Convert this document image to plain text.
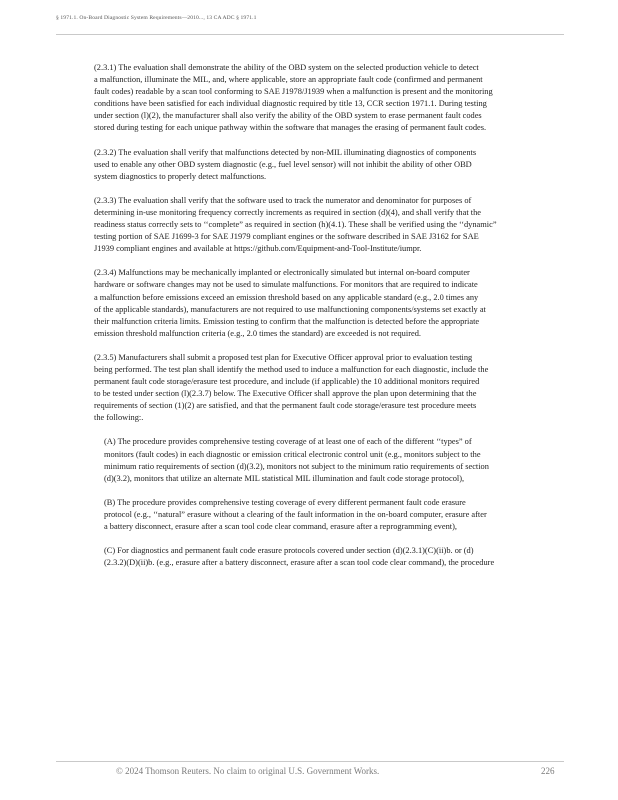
§ 1971.1. On-Board Diagnostic System Requirements—2010..., 13 CA ADC § 1971.1
(2.3.1) The evaluation shall demonstrate the ability of the OBD system on the selected production vehicle to detect
a malfunction, illuminate the MIL, and, where applicable, store an appropriate fault code (confirmed and permanent
fault codes) readable by a scan tool conforming to SAE J1978/J1939 when a malfunction is present and the monitoring
conditions have been satisfied for each individual diagnostic required by title 13, CCR section 1971.1. During testing
under section (l)(2), the manufacturer shall also verify the ability of the OBD system to erase permanent fault codes
stored during testing for each unique pathway within the software that manages the erasing of permanent fault codes.
(2.3.2) The evaluation shall verify that malfunctions detected by non-MIL illuminating diagnostics of components
used to enable any other OBD system diagnostic (e.g., fuel level sensor) will not inhibit the ability of other OBD
system diagnostics to properly detect malfunctions.
(2.3.3) The evaluation shall verify that the software used to track the numerator and denominator for purposes of
determining in-use monitoring frequency correctly increments as required in section (d)(4), and shall verify that the
readiness status correctly sets to ‘‘complete” as required in section (h)(4.1). These shall be verified using the ‘‘dynamic”
testing portion of SAE J1699-3 for SAE J1979 compliant engines or the software described in SAE J3162 for SAE
J1939 compliant engines and available at https://github.com/Equipment-and-Tool-Institute/iumpr.
(2.3.4) Malfunctions may be mechanically implanted or electronically simulated but internal on-board computer
hardware or software changes may not be used to simulate malfunctions. For monitors that are required to indicate
a malfunction before emissions exceed an emission threshold based on any applicable standard (e.g., 2.0 times any
of the applicable standards), manufacturers are not required to use malfunctioning components/systems set exactly at
their malfunction criteria limits. Emission testing to confirm that the malfunction is detected before the appropriate
emission threshold malfunction criteria (e.g., 2.0 times the standard) are exceeded is not required.
(2.3.5) Manufacturers shall submit a proposed test plan for Executive Officer approval prior to evaluation testing
being performed. The test plan shall identify the method used to induce a malfunction for each diagnostic, include the
permanent fault code storage/erasure test procedure, and include (if applicable) the 10 additional monitors required
to be tested under section (l)(2.3.7) below. The Executive Officer shall approve the plan upon determining that the
requirements of section (1)(2) are satisfied, and that the permanent fault code storage/erasure test procedure meets
the following:.
(A) The procedure provides comprehensive testing coverage of at least one of each of the different ‘‘types” of
monitors (fault codes) in each diagnostic or emission critical electronic control unit (e.g., monitors subject to the
minimum ratio requirements of section (d)(3.2), monitors not subject to the minimum ratio requirements of section
(d)(3.2), monitors that utilize an alternate MIL statistical MIL illumination and fault code storage protocol),
(B) The procedure provides comprehensive testing coverage of every different permanent fault code erasure
protocol (e.g., ‘‘natural” erasure without a clearing of the fault information in the on-board computer, erasure after
a battery disconnect, erasure after a scan tool code clear command, erasure after a reprogramming event),
(C) For diagnostics and permanent fault code erasure protocols covered under section (d)(2.3.1)(C)(ii)b. or (d)
(2.3.2)(D)(ii)b. (e.g., erasure after a battery disconnect, erasure after a scan tool code clear command), the procedure
© 2024 Thomson Reuters. No claim to original U.S. Government Works.	226
